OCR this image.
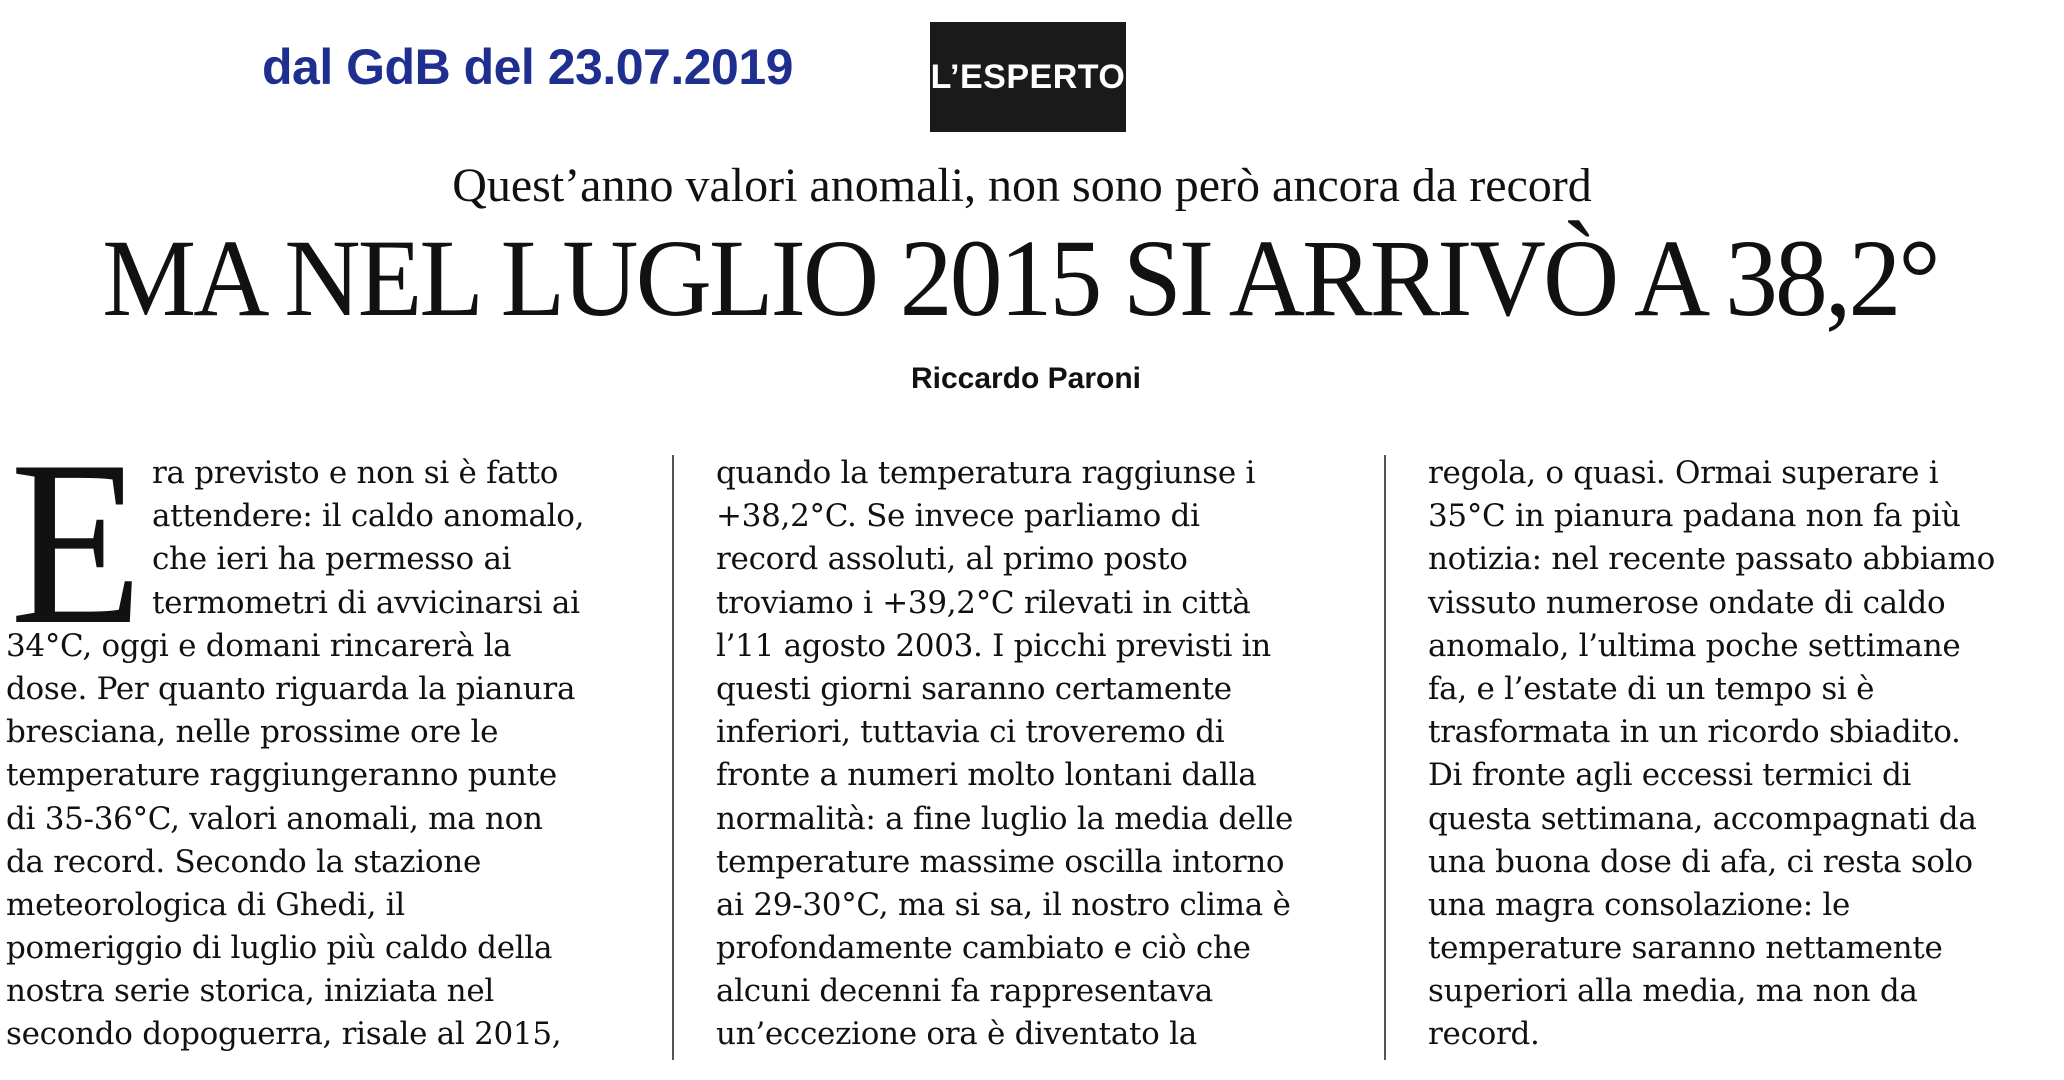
dal GdB del 23.07.2019	L’ESPERTO
Quest’anno valori anomali, non sono però ancora da record
MA NEL LUGLIO 2015 SI ARRIVÒ A 38,2°
Riccardo Paroni
E ra previsto e non si è fatto
attendere: il caldo anomalo,
che ieri ha permesso ai
termometri di avvicinarsi ai
34°C, oggi e domani rincarerà la
dose. Per quanto riguarda la pianura
bresciana, nelle prossime ore le
temperature raggiungeranno punte
di 35-36°C, valori anomali, ma non
da record. Secondo la stazione
meteorologica di Ghedi, il
pomeriggio di luglio più caldo della
nostra serie storica, iniziata nel
secondo dopoguerra, risale al 2015,
quando la temperatura raggiunse i
+38,2°C. Se invece parliamo di
record assoluti, al primo posto
troviamo i +39,2°C rilevati in città
l’11 agosto 2003. I picchi previsti in
questi giorni saranno certamente
inferiori, tuttavia ci troveremo di
fronte a numeri molto lontani dalla
normalità: a fine luglio la media delle
temperature massime oscilla intorno
ai 29-30°C, ma si sa, il nostro clima è
profondamente cambiato e ciò che
alcuni decenni fa rappresentava
un’eccezione ora è diventato la
regola, o quasi. Ormai superare i
35°C in pianura padana non fa più
notizia: nel recente passato abbiamo
vissuto numerose ondate di caldo
anomalo, l’ultima poche settimane
fa, e l’estate di un tempo si è
trasformata in un ricordo sbiadito.
Di fronte agli eccessi termici di
questa settimana, accompagnati da
una buona dose di afa, ci resta solo
una magra consolazione: le
temperature saranno nettamente
superiori alla media, ma non da
record.
